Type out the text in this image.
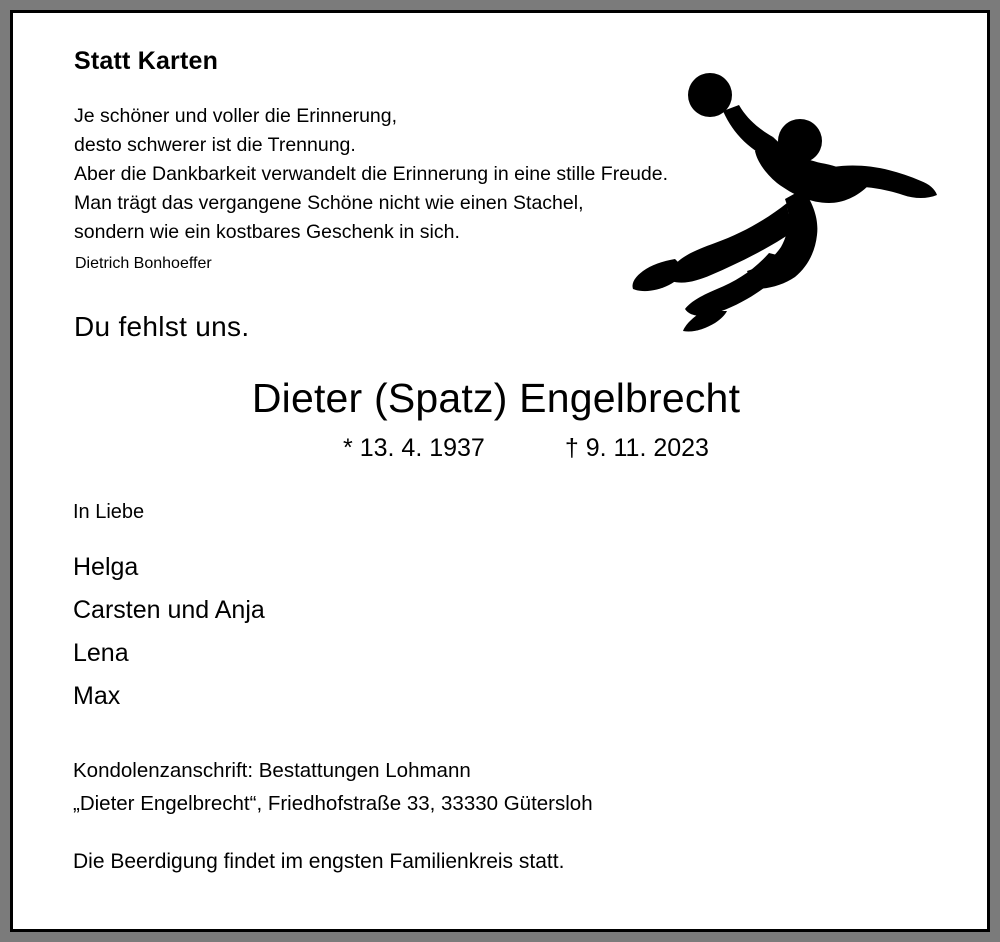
Statt Karten
Je schöner und voller die Erinnerung,
desto schwerer ist die Trennung.
Aber die Dankbarkeit verwandelt die Erinnerung in eine stille Freude.
Man trägt das vergangene Schöne nicht wie einen Stachel,
sondern wie ein kostbares Geschenk in sich.
Dietrich Bonhoeffer
Du fehlst uns.
Dieter (Spatz) Engelbrecht
* 13. 4. 1937	† 9. 11. 2023
In Liebe
Helga
Carsten und Anja
Lena
Max
Kondolenzanschrift: Bestattungen Lohmann
„Dieter Engelbrecht“, Friedhofstraße 33, 33330 Gütersloh
Die Beerdigung findet im engsten Familienkreis statt.
